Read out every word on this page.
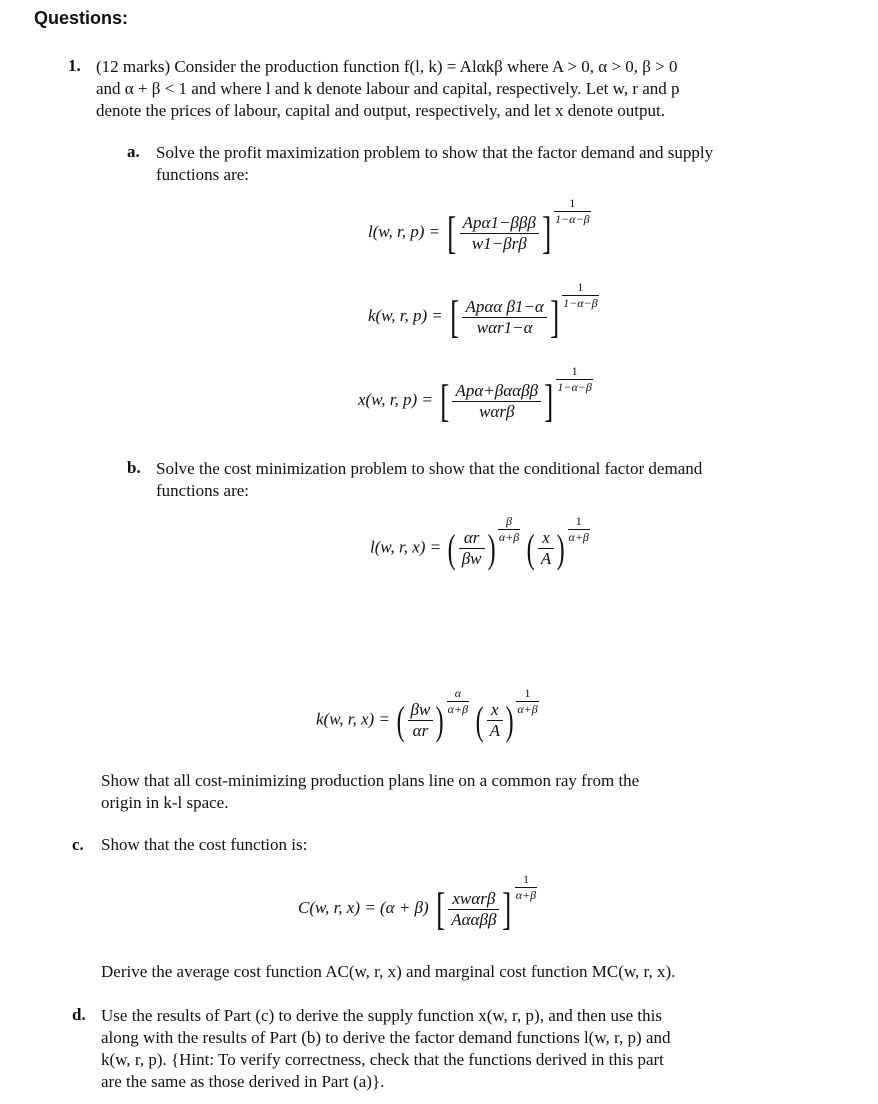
Questions:
1. (12 marks) Consider the production function f(l, k) = Alαkβ where A > 0, α > 0, β > 0
and α + β < 1 and where l and k denote labour and capital, respectively. Let w, r and p
denote the prices of labour, capital and output, respectively, and let x denote output.
a. Solve the profit maximization problem to show that the factor demand and supply
functions are:
l(w, r, p) = [ $\frac{\text{Apα1−βββ}}{\text{w1−βrβ}}$ ] $\frac{1}{1-\alpha-\beta}$
k(w, r, p) = [ $\frac{\text{Apαα β1−α}}{\text{wαr1−α}}$ ] $\frac{1}{1-\alpha-\beta}$
x(w, r, p) = [ $\frac{\text{Apα+βααββ}}{\text{wαrβ}}$ ] $\frac{1}{1-\alpha-\beta}$
b. Solve the cost minimization problem to show that the conditional factor demand
functions are:
l(w, r, x) = ( $\frac{\alpha r}{\beta w}$ ) $\frac{\beta}{\alpha+\beta}$ ( $\frac{x}{A}$ ) $\frac{1}{\alpha+\beta}$
k(w, r, x) = ( $\frac{\beta w}{\alpha r}$ ) $\frac{\alpha}{\alpha+\beta}$ ( $\frac{x}{A}$ ) $\frac{1}{\alpha+\beta}$
Show that all cost-minimizing production plans line on a common ray from the
origin in k-l space.
c. Show that the cost function is:
C(w, r, x) = (α + β) [ $\frac{\text{xwαrβ}}{\text{Aααββ}}$ ] $\frac{1}{\alpha+\beta}$
Derive the average cost function AC(w, r, x) and marginal cost function MC(w, r, x).
d. Use the results of Part (c) to derive the supply function x(w, r, p), and then use this
along with the results of Part (b) to derive the factor demand functions l(w, r, p) and
k(w, r, p). {Hint: To verify correctness, check that the functions derived in this part
are the same as those derived in Part (a)}.
